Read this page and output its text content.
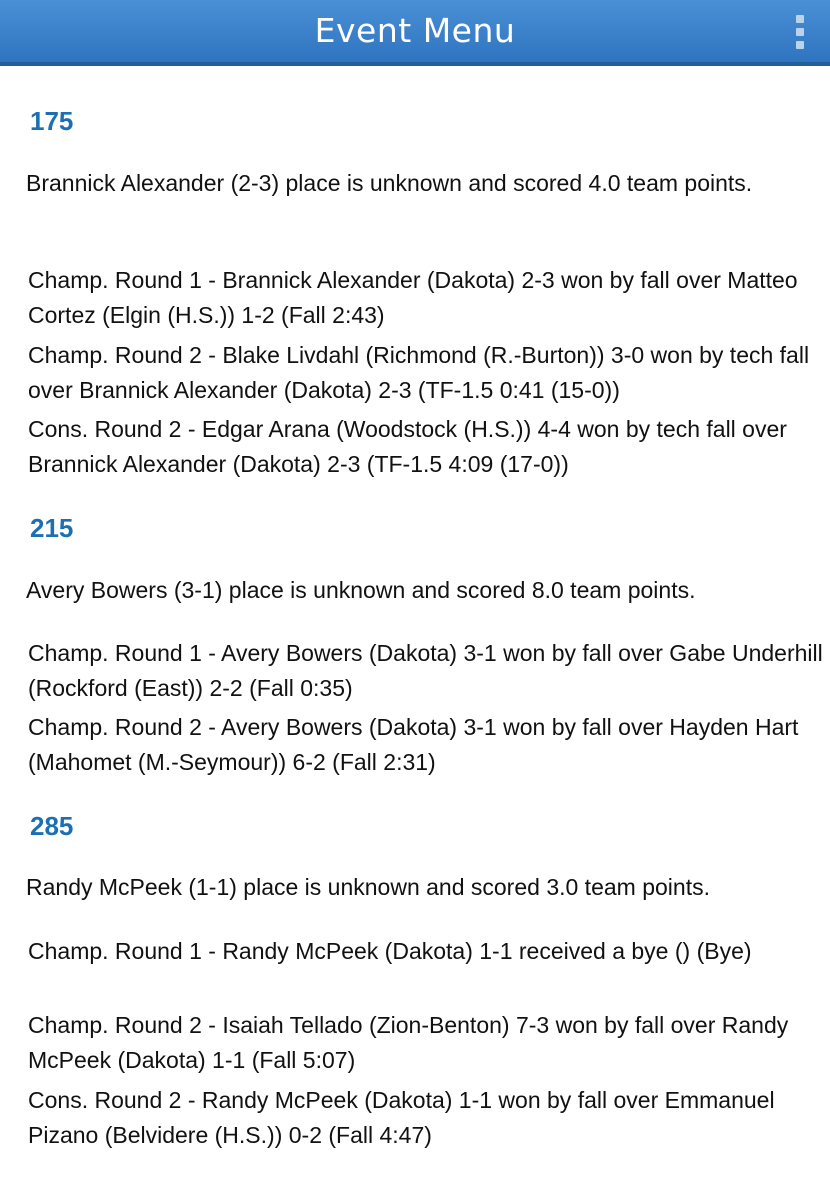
Event Menu
175
Brannick Alexander (2-3) place is unknown and scored 4.0 team points.
Champ. Round 1 - Brannick Alexander (Dakota) 2-3 won by fall over Matteo Cortez (Elgin (H.S.)) 1-2 (Fall 2:43)
Champ. Round 2 - Blake Livdahl (Richmond (R.-Burton)) 3-0 won by tech fall over Brannick Alexander (Dakota) 2-3 (TF-1.5 0:41 (15-0))
Cons. Round 2 - Edgar Arana (Woodstock (H.S.)) 4-4 won by tech fall over Brannick Alexander (Dakota) 2-3 (TF-1.5 4:09 (17-0))
215
Avery Bowers (3-1) place is unknown and scored 8.0 team points.
Champ. Round 1 - Avery Bowers (Dakota) 3-1 won by fall over Gabe Underhill (Rockford (East)) 2-2 (Fall 0:35)
Champ. Round 2 - Avery Bowers (Dakota) 3-1 won by fall over Hayden Hart (Mahomet (M.-Seymour)) 6-2 (Fall 2:31)
285
Randy McPeek (1-1) place is unknown and scored 3.0 team points.
Champ. Round 1 - Randy McPeek (Dakota) 1-1 received a bye () (Bye)
Champ. Round 2 - Isaiah Tellado (Zion-Benton) 7-3 won by fall over Randy McPeek (Dakota) 1-1 (Fall 5:07)
Cons. Round 2 - Randy McPeek (Dakota) 1-1 won by fall over Emmanuel Pizano (Belvidere (H.S.)) 0-2 (Fall 4:47)
